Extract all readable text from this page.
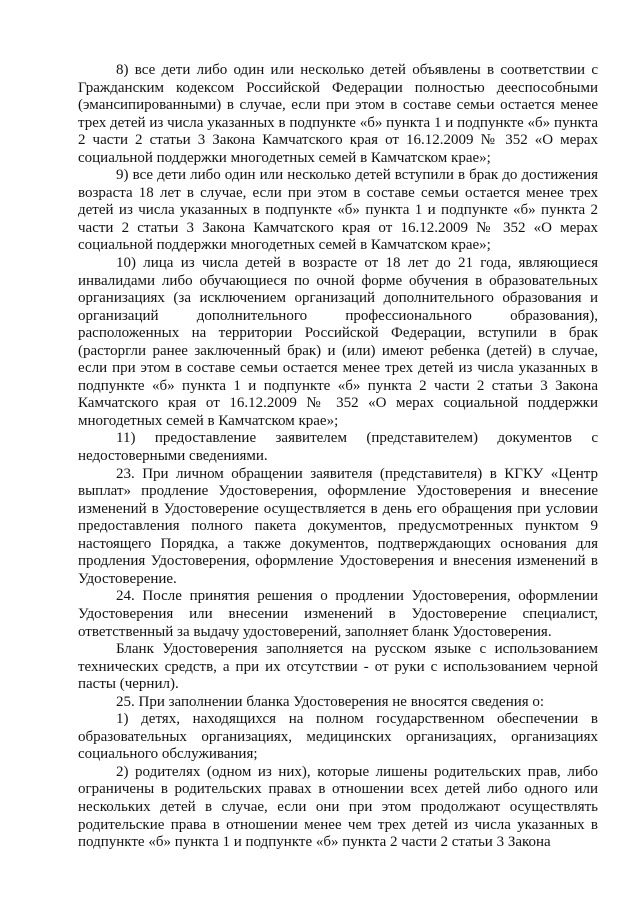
8) все дети либо один или несколько детей объявлены в соответствии с Гражданским кодексом Российской Федерации полностью дееспособными (эмансипированными) в случае, если при этом в составе семьи остается менее трех детей из числа указанных в подпункте «б» пункта 1 и подпункте «б» пункта 2 части 2 статьи 3 Закона Камчатского края от 16.12.2009 № 352 «О мерах социальной поддержки многодетных семей в Камчатском крае»;

9) все дети либо один или несколько детей вступили в брак до достижения возраста 18 лет в случае, если при этом в составе семьи остается менее трех детей из числа указанных в подпункте «б» пункта 1 и подпункте «б» пункта 2 части 2 статьи 3 Закона Камчатского края от 16.12.2009 № 352 «О мерах социальной поддержки многодетных семей в Камчатском крае»;

10) лица из числа детей в возрасте от 18 лет до 21 года, являющиеся инвалидами либо обучающиеся по очной форме обучения в образовательных организациях (за исключением организаций дополнительного образования и организаций дополнительного профессионального образования), расположенных на территории Российской Федерации, вступили в брак (расторгли ранее заключенный брак) и (или) имеют ребенка (детей) в случае, если при этом в составе семьи остается менее трех детей из числа указанных в подпункте «б» пункта 1 и подпункте «б» пункта 2 части 2 статьи 3 Закона Камчатского края от 16.12.2009 № 352 «О мерах социальной поддержки многодетных семей в Камчатском крае»;

11) предоставление заявителем (представителем) документов с недостоверными сведениями.

23. При личном обращении заявителя (представителя) в КГКУ «Центр выплат» продление Удостоверения, оформление Удостоверения и внесение изменений в Удостоверение осуществляется в день его обращения при условии предоставления полного пакета документов, предусмотренных пунктом 9 настоящего Порядка, а также документов, подтверждающих основания для продления Удостоверения, оформление Удостоверения и внесения изменений в Удостоверение.

24. После принятия решения о продлении Удостоверения, оформлении Удостоверения или внесении изменений в Удостоверение специалист, ответственный за выдачу удостоверений, заполняет бланк Удостоверения.

Бланк Удостоверения заполняется на русском языке с использованием технических средств, а при их отсутствии - от руки с использованием черной пасты (чернил).

25. При заполнении бланка Удостоверения не вносятся сведения о:

1) детях, находящихся на полном государственном обеспечении в образовательных организациях, медицинских организациях, организациях социального обслуживания;

2) родителях (одном из них), которые лишены родительских прав, либо ограничены в родительских правах в отношении всех детей либо одного или нескольких детей в случае, если они при этом продолжают осуществлять родительские права в отношении менее чем трех детей из числа указанных в подпункте «б» пункта 1 и подпункте «б» пункта 2 части 2 статьи 3 Закона
